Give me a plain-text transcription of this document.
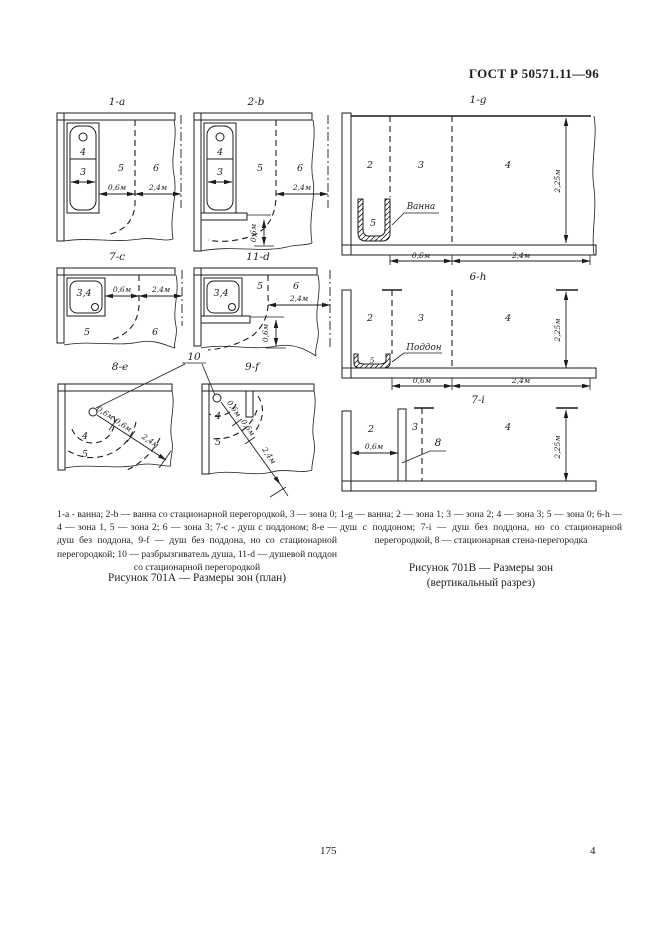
ГОСТ Р 50571.11—96
1-a
4
3
0,6м	2,4м
5	6
2-b
4
3
0,6м
2,4м
5	6
7-c
3,4	0,6м	2,4м
5	6
11-d
3,4
5	6
2,4м
0,6м
8-e	9-f
10
0,6м
0,6м
2,4м
4
5
0,6м
0,6м
2,4м
4
5
1-g
5
Ванна
2	3	4
2,25м
0,6м	2,4м
6-h
5
Поддон
2	3	4	2,25м
0,6м	2,4м
7-i
2	3	4
8
0,6м	2,25м
1-a - ванна; 2-b — ванна со стационарной перегородкой, 3 — зона 0; 4 — зона 1, 5 — зона 2; 6 — зона 3; 7-c - душ с поддоном; 8-e — душ без поддона, 9-f — душ без поддона, но со стационарной перегородкой; 10 — разбрызгиватель душа, 11-d — душевой поддон со стационарной перегородкой
Рисунок 701А — Размеры зон (план)
1-g — ванна; 2 — зона 1; 3 — зона 2; 4 — зона 3; 5 — зона 0; 6-h — душ с поддоном; 7-i — душ без поддона, но со стационарной перегородкой, 8 — стационарная стена-перегородка
Рисунок 701В — Размеры зон
(вертикальный разрез)
175	4
